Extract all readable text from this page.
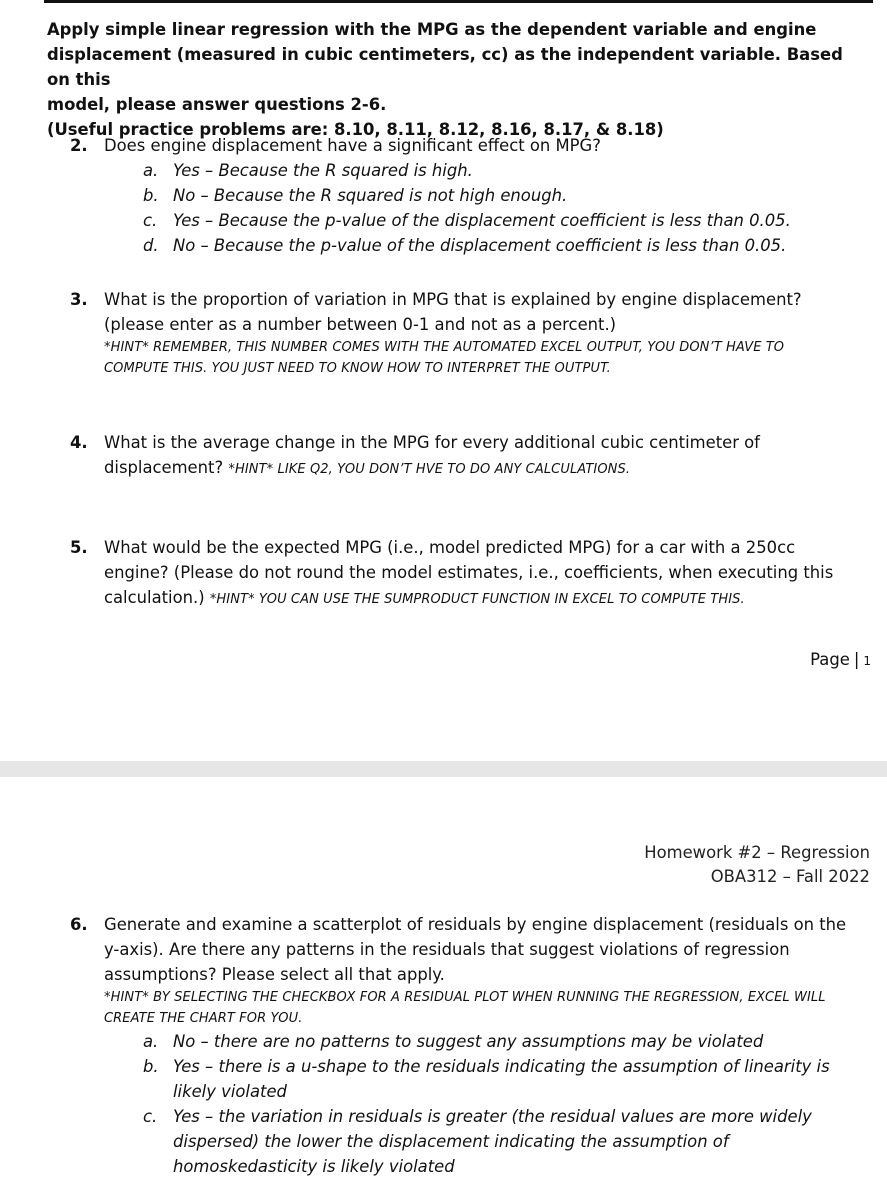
Apply simple linear regression with the MPG as the dependent variable and engine
displacement (measured in cubic centimeters, cc) as the independent variable. Based on this
model, please answer questions 2-6.
(Useful practice problems are: 8.10, 8.11, 8.12, 8.16, 8.17, & 8.18)
2. Does engine displacement have a significant effect on MPG?
a. Yes – Because the R squared is high.
b. No – Because the R squared is not high enough.
c. Yes – Because the p-value of the displacement coefficient is less than 0.05.
d. No – Because the p-value of the displacement coefficient is less than 0.05.
3. What is the proportion of variation in MPG that is explained by engine displacement?
(please enter as a number between 0-1 and not as a percent.)
*HINT* REMEMBER, THIS NUMBER COMES WITH THE AUTOMATED EXCEL OUTPUT, YOU DON’T HAVE TO
COMPUTE THIS. YOU JUST NEED TO KNOW HOW TO INTERPRET THE OUTPUT.
4. What is the average change in the MPG for every additional cubic centimeter of
displacement? *HINT* LIKE Q2, YOU DON’T HVE TO DO ANY CALCULATIONS.
5. What would be the expected MPG (i.e., model predicted MPG) for a car with a 250cc
engine? (Please do not round the model estimates, i.e., coefficients, when executing this
calculation.) *HINT* YOU CAN USE THE SUMPRODUCT FUNCTION IN EXCEL TO COMPUTE THIS.
Page | 1
Homework #2 – Regression
OBA312 – Fall 2022
6. Generate and examine a scatterplot of residuals by engine displacement (residuals on the
y-axis). Are there any patterns in the residuals that suggest violations of regression
assumptions? Please select all that apply.
*HINT* BY SELECTING THE CHECKBOX FOR A RESIDUAL PLOT WHEN RUNNING THE REGRESSION, EXCEL WILL
CREATE THE CHART FOR YOU.
a. No – there are no patterns to suggest any assumptions may be violated
b. Yes – there is a u-shape to the residuals indicating the assumption of linearity is
likely violated
c. Yes – the variation in residuals is greater (the residual values are more widely
dispersed) the lower the displacement indicating the assumption of
homoskedasticity is likely violated
